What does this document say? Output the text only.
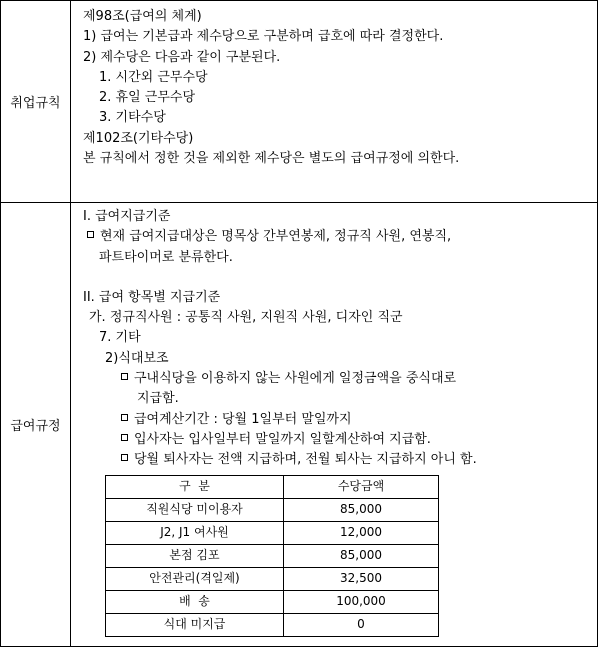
취업규칙	
제98조(급여의 체계)
1) 급여는 기본급과 제수당으로 구분하며 급호에 따라 결정한다.
2) 제수당은 다음과 같이 구분된다.
1. 시간외 근무수당
2. 휴일 근무수당
3. 기타수당
제102조(기타수당)
본 규칙에서 정한 것을 제외한 제수당은 별도의 급여규정에 의한다.

급여규정	
I. 급여지급기준
현재 급여지급대상은 명목상 간부연봉제, 정규직 사원, 연봉직,
파트타이머로 분류한다.
II. 급여 항목별 지급기준
가. 정규직사원 : 공통직 사원, 지원직 사원, 디자인 직군
7. 기타
2)식대보조
구내식당을 이용하지 않는 사원에게 일정금액을 중식대로
지급함.
급여계산기간 : 당월 1일부터 말일까지
입사자는 입사일부터 말일까지 일할계산하여 지급함.
당월 퇴사자는 전액 지급하며, 전월 퇴사는 지급하지 아니 함.
구  분	수당금액
직원식당 미이용자	85,000
J2, J1 여사원	12,000
본점 김포	85,000
안전관리(격일제)	32,500
배  송	100,000
식대 미지급	0
